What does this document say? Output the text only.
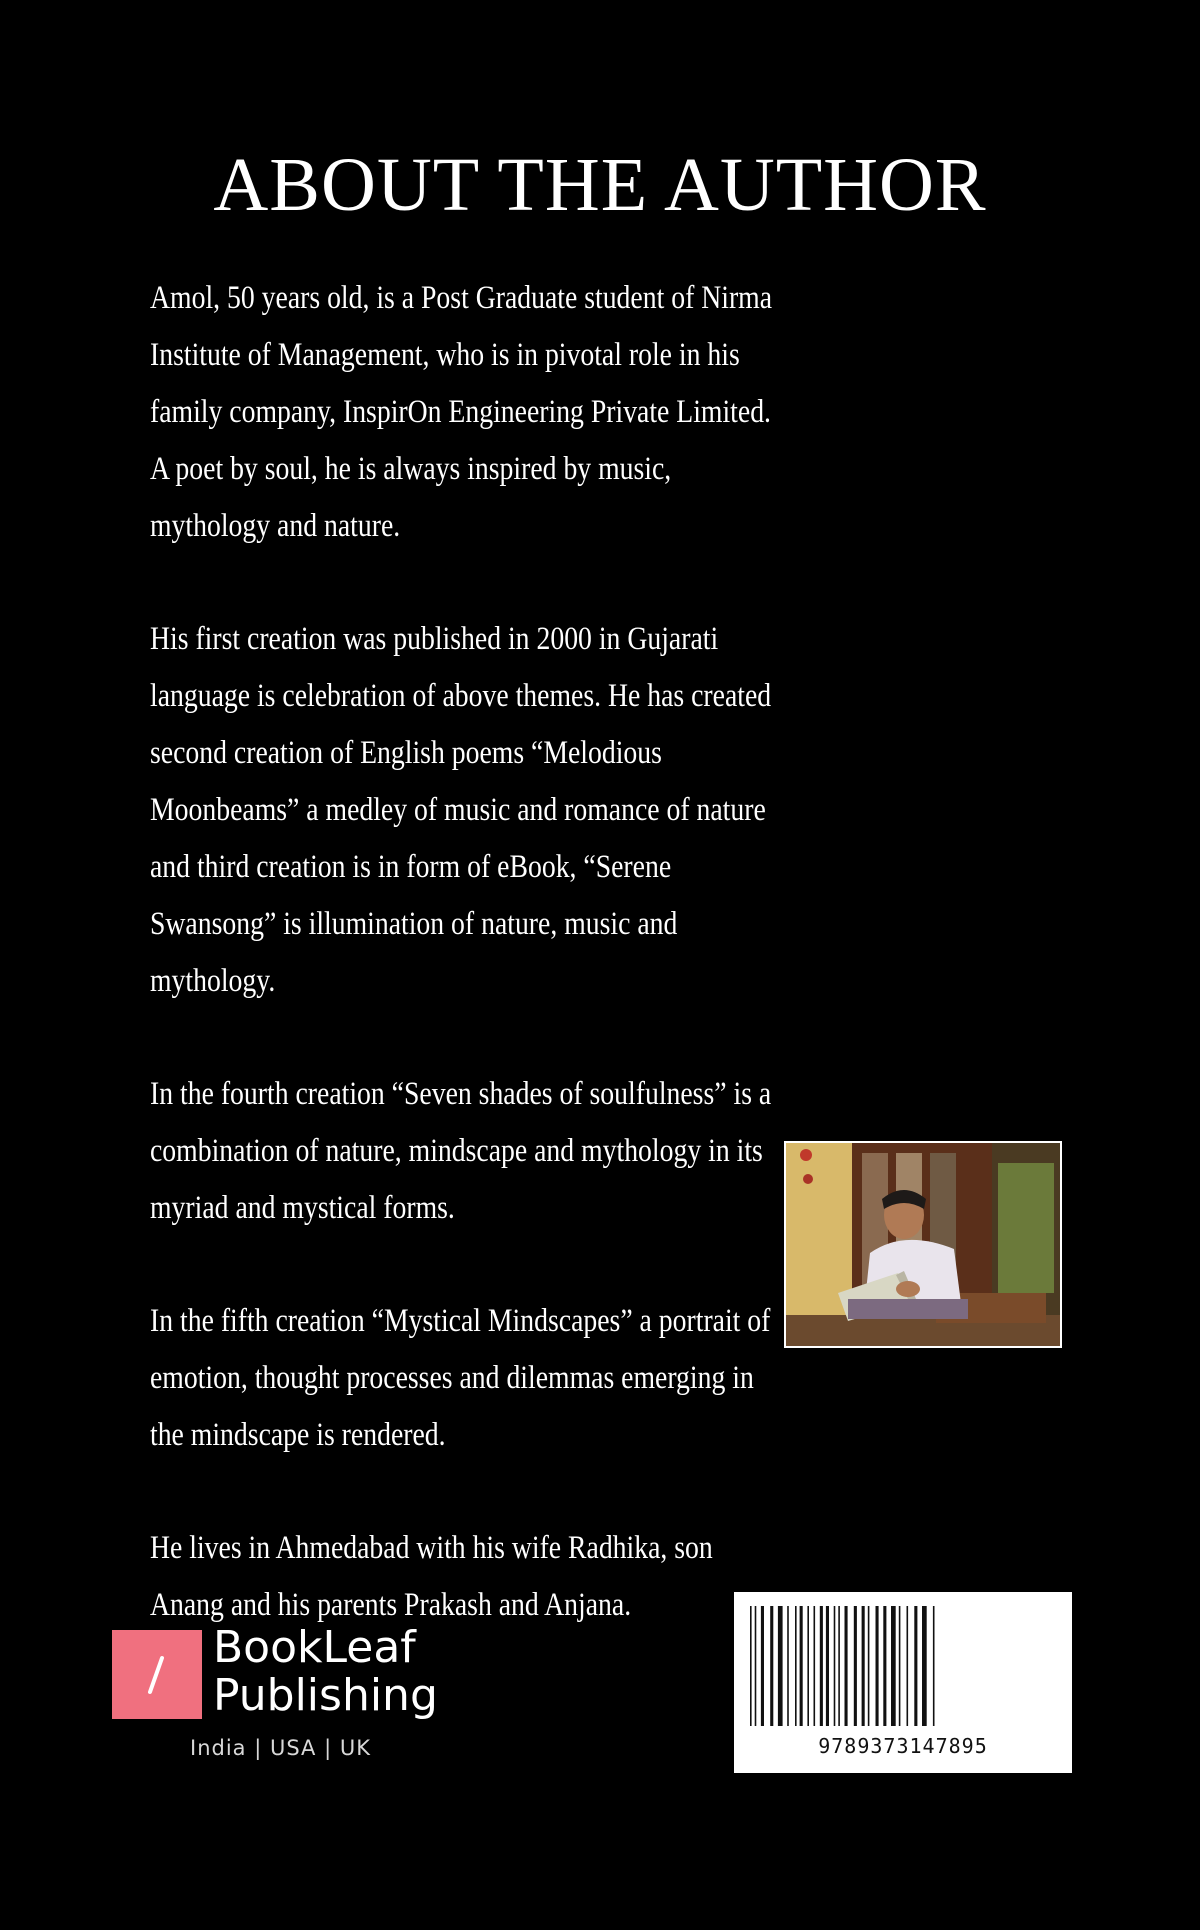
ABOUT THE AUTHOR

Amol, 50 years old, is a Post Graduate student of Nirma Institute of Management, who is in pivotal role in his family company, InspirOn Engineering Private Limited. A poet by soul, he is always inspired by music, mythology and nature.

His first creation was published in 2000 in Gujarati language is celebration of above themes. He has created second creation of English poems “Melodious Moonbeams” a medley of music and romance of nature and third creation is in form of eBook, “Serene Swansong” is illumination of nature, music and mythology.

In the fourth creation “Seven shades of soulfulness” is a combination of nature, mindscape and mythology in its myriad and mystical forms.

In the fifth creation “Mystical Mindscapes” a portrait of emotion, thought processes and dilemmas emerging in the mindscape is rendered.

He lives in Ahmedabad with his wife Radhika, son Anang and his parents Prakash and Anjana.

BookLeaf
Publishing
India | USA | UK	9789373147895
